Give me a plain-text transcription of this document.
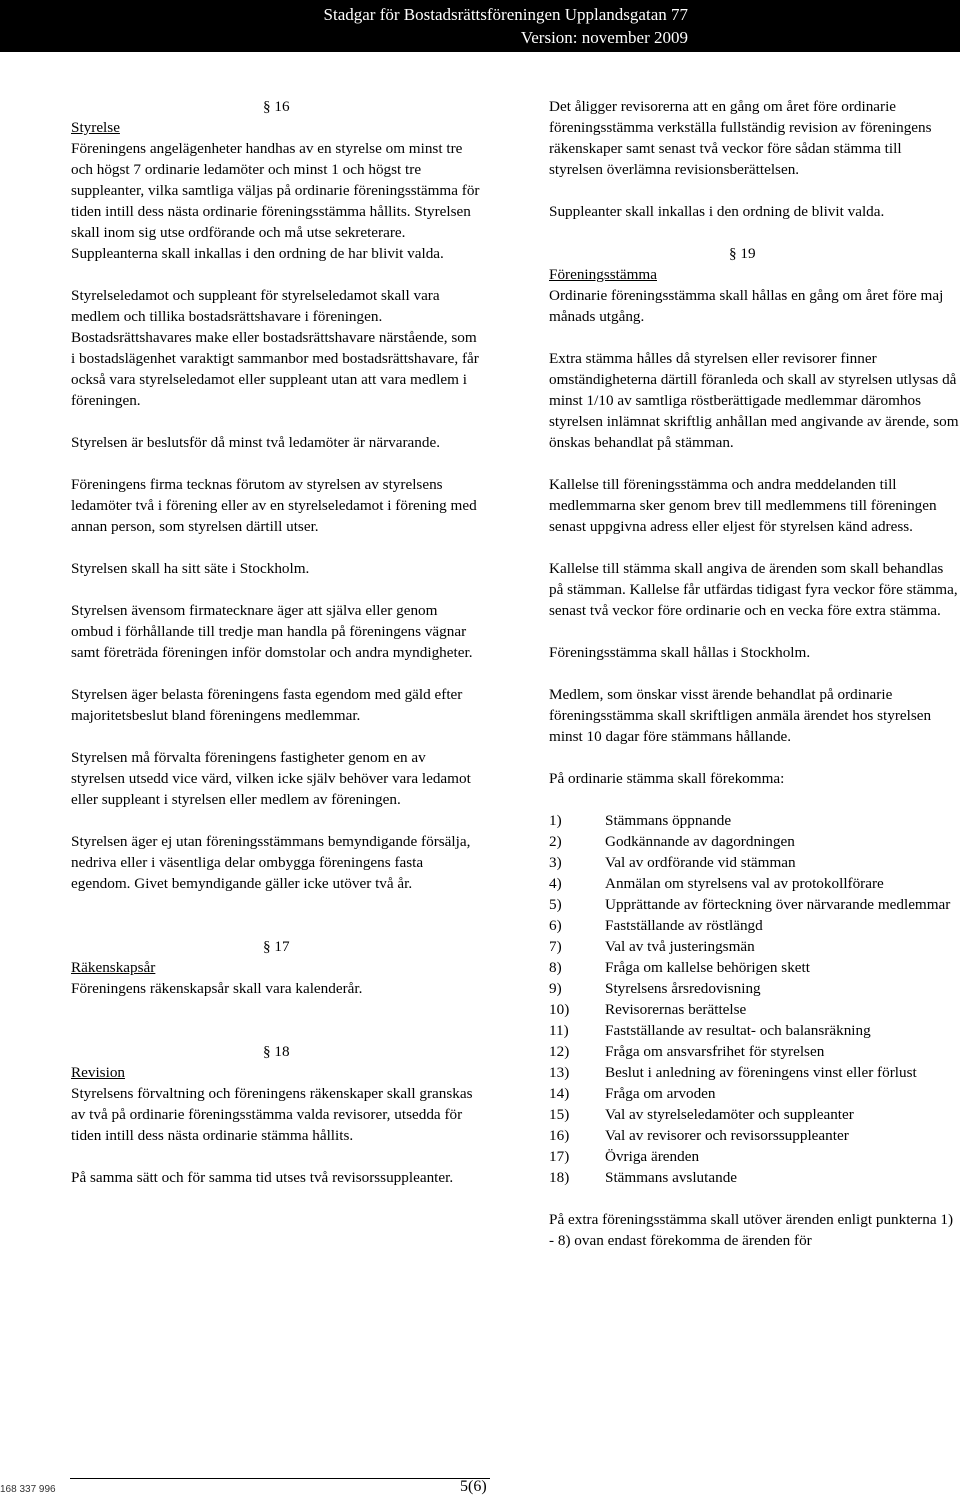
Stadgar för Bostadsrättsföreningen Upplandsgatan 77
Version: november 2009

§ 16

Styrelse

Föreningens angelägenheter handhas av en styrelse om minst tre och högst 7 ordinarie ledamöter och minst 1 och högst tre suppleanter, vilka samtliga väljas på ordinarie föreningsstämma för tiden intill dess nästa ordinarie föreningsstämma hållits. Styrelsen skall inom sig utse ordförande och må utse sekreterare. Suppleanterna skall inkallas i den ordning de har blivit valda.

Styrelseledamot och suppleant för styrelseledamot skall vara medlem och tillika bostadsrättshavare i föreningen. Bostadsrättshavares make eller bostadsrättshavare närstående, som i bostadslägenhet varaktigt sammanbor med bostadsrättshavare, får också vara styrelseledamot eller suppleant utan att vara medlem i föreningen.

Styrelsen är beslutsför då minst två ledamöter är närvarande.

Föreningens firma tecknas förutom av styrelsen av styrelsens ledamöter två i förening eller av en styrelseledamot i förening med annan person, som styrelsen därtill utser.

Styrelsen skall ha sitt säte i Stockholm.

Styrelsen ävensom firmatecknare äger att själva eller genom ombud i förhållande till tredje man handla på föreningens vägnar samt företräda föreningen inför domstolar och andra myndigheter.

Styrelsen äger belasta föreningens fasta egendom med gäld efter majoritetsbeslut bland föreningens medlemmar.

Styrelsen må förvalta föreningens fastigheter genom en av styrelsen utsedd vice värd, vilken icke själv behöver vara ledamot eller suppleant i styrelsen eller medlem av föreningen.

Styrelsen äger ej utan föreningsstämmans bemyndigande försälja, nedriva eller i väsentliga delar ombygga föreningens fasta egendom. Givet bemyndigande gäller icke utöver två år.

§ 17

Räkenskapsår

Föreningens räkenskapsår skall vara kalenderår.

§ 18

Revision

Styrelsens förvaltning och föreningens räkenskaper skall granskas av två på ordinarie föreningsstämma valda revisorer, utsedda för tiden intill dess nästa ordinarie stämma hållits.

På samma sätt och för samma tid utses två revisorssuppleanter.

Det åligger revisorerna att en gång om året före ordinarie föreningsstämma verkställa fullständig revision av föreningens räkenskaper samt senast två veckor före sådan stämma till styrelsen överlämna revisionsberättelsen.

Suppleanter skall inkallas i den ordning de blivit valda.

§ 19

Föreningsstämma

Ordinarie föreningsstämma skall hållas en gång om året före maj månads utgång.

Extra stämma hålles då styrelsen eller revisorer finner omständigheterna därtill föranleda och skall av styrelsen utlysas då minst 1/10 av samtliga röstberättigade medlemmar däromhos styrelsen inlämnat skriftlig anhållan med angivande av ärende, som önskas behandlat på stämman.

Kallelse till föreningsstämma och andra meddelanden till medlemmarna sker genom brev till medlemmens till föreningen senast uppgivna adress eller eljest för styrelsen känd adress.

Kallelse till stämma skall angiva de ärenden som skall behandlas på stämman. Kallelse får utfärdas tidigast fyra veckor före stämma, senast två veckor före ordinarie och en vecka före extra stämma.

Föreningsstämma skall hållas i Stockholm.

Medlem, som önskar visst ärende behandlat på ordinarie föreningsstämma skall skriftligen anmäla ärendet hos styrelsen minst 10 dagar före stämmans hållande.

På ordinarie stämma skall förekomma:

1)	Stämmans öppnande
2)	Godkännande av dagordningen
3)	Val av ordförande vid stämman
4)	Anmälan om styrelsens val av protokollförare
5)	Upprättande av förteckning över närvarande medlemmar
6)	Fastställande av röstlängd
7)	Val av två justeringsmän
8)	Fråga om kallelse behörigen skett
9)	Styrelsens årsredovisning
10)	Revisorernas berättelse
11)	Fastställande av resultat- och balansräkning
12)	Fråga om ansvarsfrihet för styrelsen
13)	Beslut i anledning av föreningens vinst eller förlust
14)	Fråga om arvoden
15)	Val av styrelseledamöter och suppleanter
16)	Val av revisorer och revisorssuppleanter
17)	Övriga ärenden
18)	Stämmans avslutande

På extra föreningsstämma skall utöver ärenden enligt punkterna 1) - 8) ovan endast förekomma de ärenden för

168 337 996	5(6)
